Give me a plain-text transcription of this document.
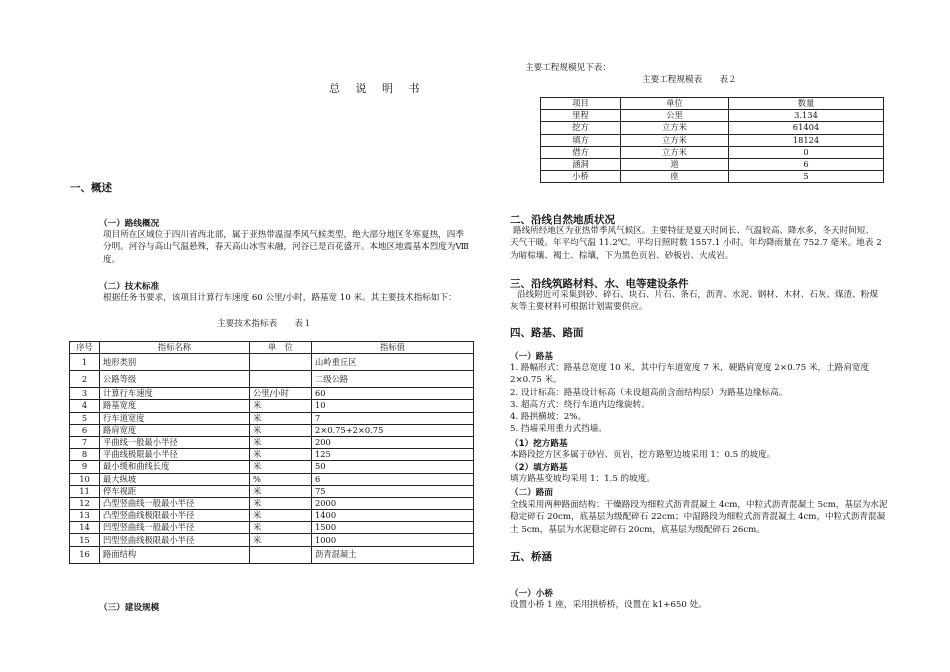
总 说 明 书
一、概述
（一）路线概况
项目所在区域位于四川省西北部，属于亚热带温湿季风气候类型，绝大部分地区冬寒夏热，四季分明。河谷与高山气温悬殊，春天高山冰雪未融，河谷已是百花盛开。本地区地震基本烈度为Ⅷ度。
（二）技术标准
根据任务书要求，该项目计算行车速度 60 公里/小时，路基宽 10 米。其主要技术指标如下：
主要技术指标表　　表１
序号	指标名称	单　位	指标值
1	地形类别		山岭重丘区
2	公路等级		二级公路
3	计算行车速度	公里/小时	60
4	路基宽度	米	10
5	行车道宽度	米	7
6	路肩宽度	米	2×0.75+2×0.75
7	平曲线一般最小半径	米	200
8	平曲线极限最小半径	米	125
9	最小缓和曲线长度	米	50
10	最大纵坡	%	6
11	停车视距	米	75
12	凸型竖曲线一般最小半径	米	2000
13	凸型竖曲线极限最小半径	米	1400
14	凹型竖曲线一般最小半径	米	1500
15	凹型竖曲线极限最小半径	米	1000
16	路面结构		沥青混凝土
（三）建设规模
主要工程规模见下表：
主要工程规模表　　表２
项目	单位	数量
里程	公里	3.134
挖方	立方米	61404
填方	立方米	18124
借方	立方米	0
涵洞	道	6
小桥	座	5
二、沿线自然地质状况
路线所经地区为亚热带季风气候区。主要特征是夏天时间长、气温较高、降水多，冬天时间短、　天气干暖。年平均气温 11.2℃。平均日照时数 1557.1 小时。年均降雨量在 752.7 毫米。地表 2 为暗棕壤、褐土、棕壤，下为黑色页岩、砂板岩、火成岩。
三、沿线筑路材料、水、电等建设条件
沿线附近可采集到砂、碎石、块石、片石、条石，沥青、水泥、钢材、木材、石灰、煤渣、粉煤灰等主要材料可根据计划需要供应。
四、路基、路面
（一）路基
1. 路幅形式：路基总宽度 10 米，其中行车道宽度 7 米，硬路肩宽度 2×0.75 米，土路肩宽度 2×0.75 米。
2. 设计标高：路基设计标高（未设超高前含面结构层）为路基边缘标高。
3. 超高方式：绕行车道内边缘旋转。
4. 路拱横坡：2%。
5. 挡墙采用重力式挡墙。
（1）挖方路基
本路段挖方区多属于砂岩、页岩，挖方路堑边坡采用 1：0.5 的坡度。
（2）填方路基
填方路基变坡均采用 1：1.5 的坡度。
（二）路面
全线采用两种路面结构：干燥路段为细粒式沥青混凝土 4cm，中粒式沥青混凝土 5cm，基层为水泥稳定碎石 20cm，底基层为级配碎石 22cm；中湿路段为细粒式沥青混凝土 4cm，中粒式沥青混凝土 5cm，基层为水泥稳定碎石 20cm，底基层为级配碎石 26cm。
五、桥涵
（一）小桥
设置小桥 1 座，采用拱桥桥，设置在 k1+650 处。
